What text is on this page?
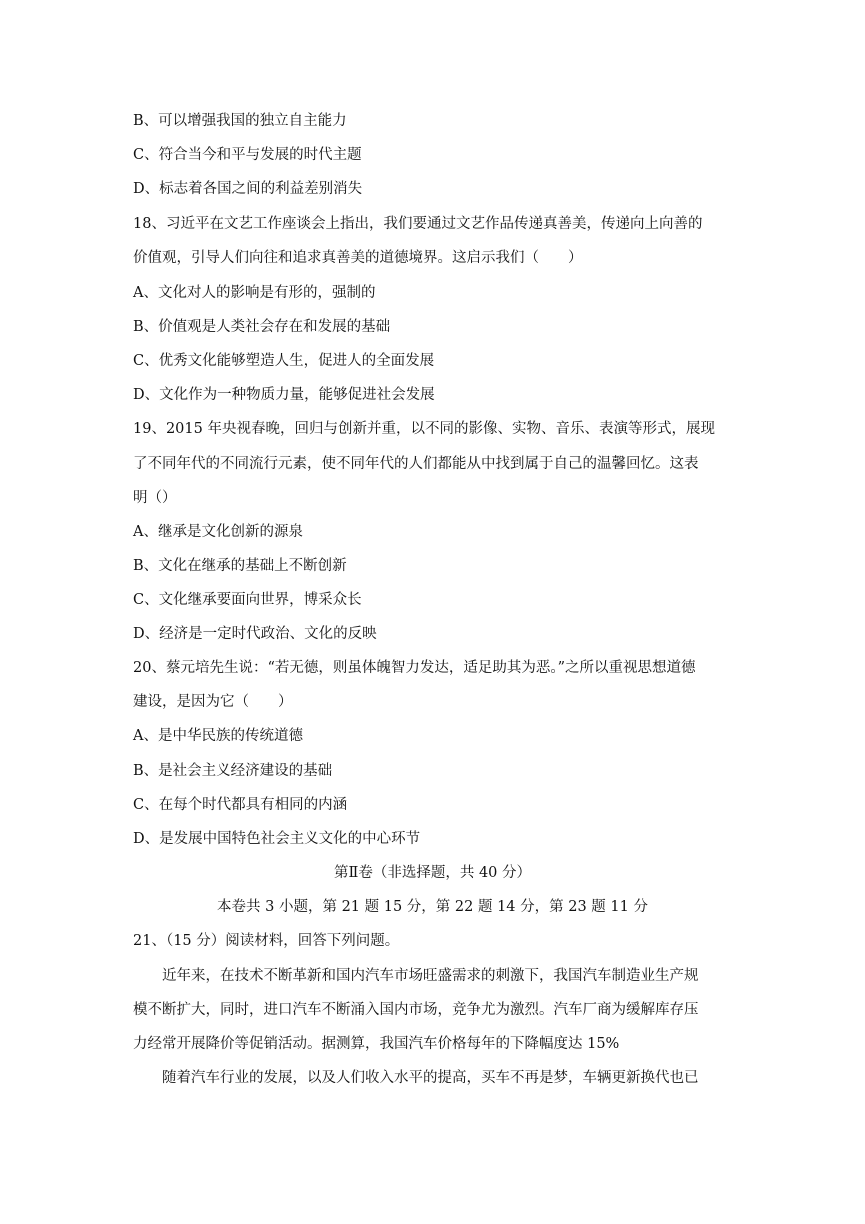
B、可以增强我国的独立自主能力
C、符合当今和平与发展的时代主题
D、标志着各国之间的利益差别消失
18、习近平在文艺工作座谈会上指出，我们要通过文艺作品传递真善美，传递向上向善的
价值观，引导人们向往和追求真善美的道德境界。这启示我们（　　）
A、文化对人的影响是有形的，强制的
B、价值观是人类社会存在和发展的基础
C、优秀文化能够塑造人生，促进人的全面发展
D、文化作为一种物质力量，能够促进社会发展
19、2015 年央视春晚，回归与创新并重，以不同的影像、实物、音乐、表演等形式，展现
了不同年代的不同流行元素，使不同年代的人们都能从中找到属于自己的温馨回忆。这表
明（）
A、继承是文化创新的源泉
B、文化在继承的基础上不断创新
C、文化继承要面向世界，博采众长
D、经济是一定时代政治、文化的反映
20、蔡元培先生说：“若无德，则虽体魄智力发达，适足助其为恶。”之所以重视思想道德
建设，是因为它（　　）
A、是中华民族的传统道德
B、是社会主义经济建设的基础
C、在每个时代都具有相同的内涵
D、是发展中国特色社会主义文化的中心环节
第Ⅱ卷（非选择题，共 40 分）
本卷共 3 小题，第 21 题 15 分，第 22 题 14 分，第 23 题 11 分
21、（15 分）阅读材料，回答下列问题。
近年来，在技术不断革新和国内汽车市场旺盛需求的刺激下，我国汽车制造业生产规
模不断扩大，同时，进口汽车不断涌入国内市场，竞争尤为激烈。汽车厂商为缓解库存压
力经常开展降价等促销活动。据测算，我国汽车价格每年的下降幅度达 15%
随着汽车行业的发展，以及人们收入水平的提高，买车不再是梦，车辆更新换代也已
